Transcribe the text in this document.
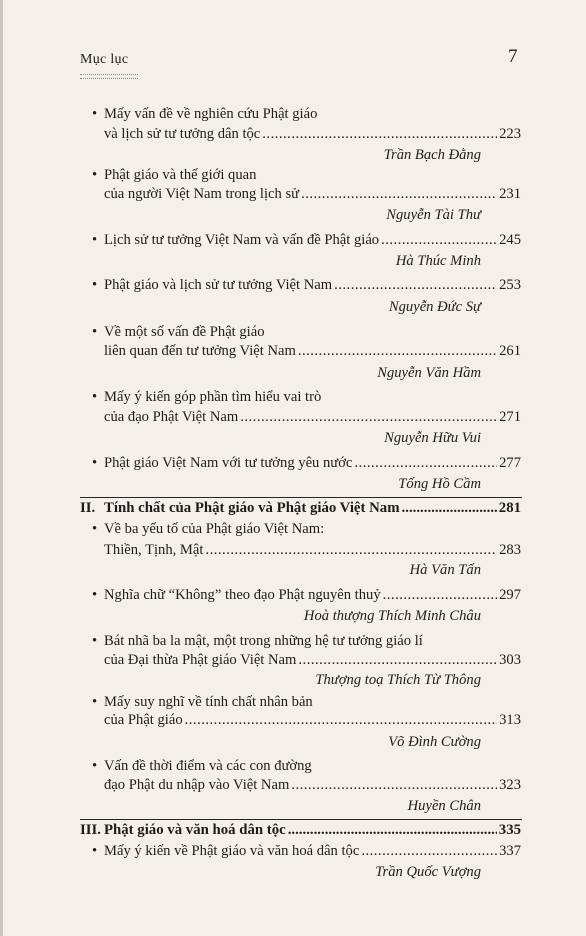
Mục lục	7
• Mấy vấn đề về nghiên cứu Phật giáo
và lịch sử tư tưởng dân tộc .....	223
Trần Bạch Đằng
• Phật giáo và thế giới quan
của người Việt Nam trong lịch sử .....	231
Nguyễn Tài Thư
• Lịch sử tư tưởng Việt Nam và vấn đề Phật giáo .....	245
Hà Thúc Minh
• Phật giáo và lịch sử tư tưởng Việt Nam .....	253
Nguyễn Đức Sự
• Về một số vấn đề Phật giáo
liên quan đến tư tưởng Việt Nam .....	261
Nguyễn Văn Hầm
• Mấy ý kiến góp phần tìm hiểu vai trò
của đạo Phật Việt Nam .....	271
Nguyễn Hữu Vui
• Phật giáo Việt Nam với tư tưởng yêu nước .....	277
Tống Hồ Cầm
II. Tính chất của Phật giáo và Phật giáo Việt Nam .....	281
• Về ba yếu tố của Phật giáo Việt Nam:
Thiền, Tịnh, Mật .....	283
Hà Văn Tấn
• Nghĩa chữ “Không” theo đạo Phật nguyên thuỷ .....	297
Hoà thượng Thích Minh Châu
• Bát nhã ba la mật, một trong những hệ tư tưởng giáo lí
của Đại thừa Phật giáo Việt Nam .....	303
Thượng toạ Thích Từ Thông
• Mấy suy nghĩ về tính chất nhân bản
của Phật giáo .....	313
Võ Đình Cường
• Vấn đề thời điểm và các con đường
đạo Phật du nhập vào Việt Nam .....	323
Huyền Chân
III. Phật giáo và văn hoá dân tộc .....	335
• Mấy ý kiến về Phật giáo và văn hoá dân tộc .....	337
Trần Quốc Vượng
